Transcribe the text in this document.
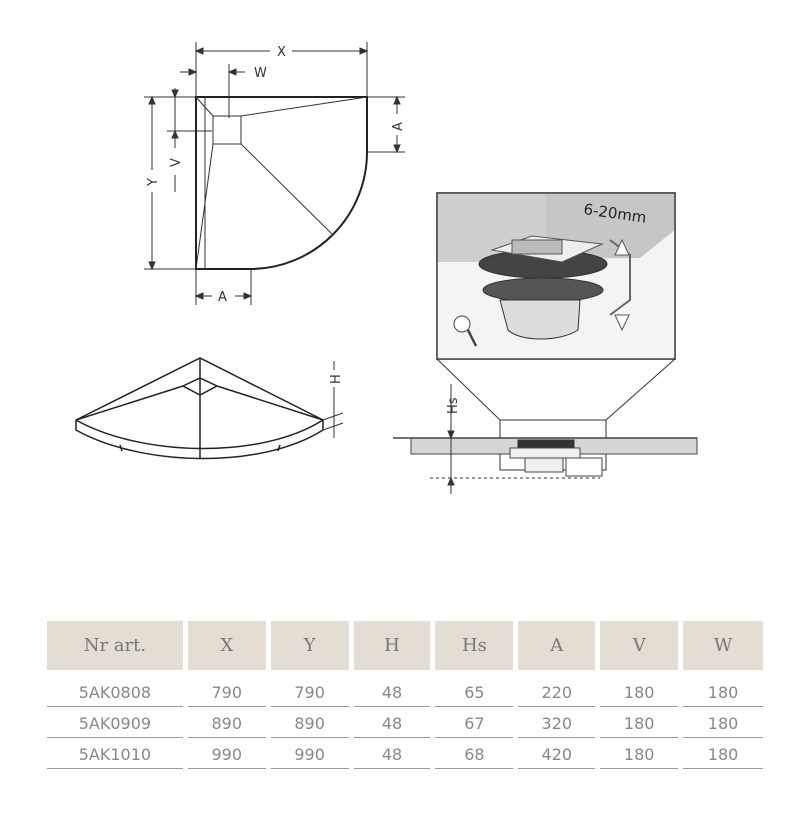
X
W
Y
V
A
A
H
6-20mm
Hs
Nr art.	X	Y	H	Hs	A	V	W
5AK0808	790	790	48	65	220	180	180
5AK0909	890	890	48	67	320	180	180
5AK1010	990	990	48	68	420	180	180
